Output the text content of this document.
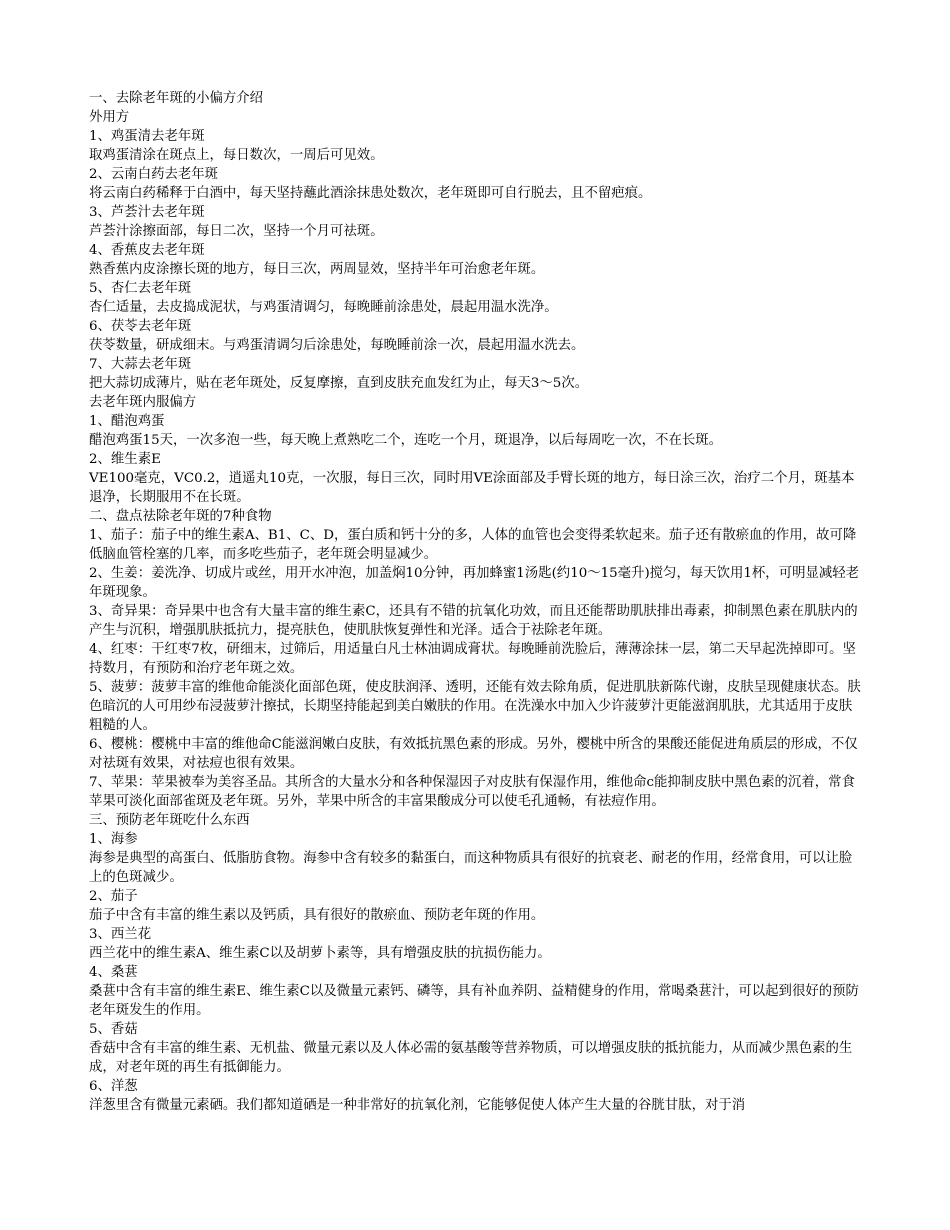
一、去除老年斑的小偏方介绍

外用方

1、鸡蛋清去老年斑

取鸡蛋清涂在斑点上，每日数次，一周后可见效。

2、云南白药去老年斑

将云南白药稀释于白酒中，每天坚持蘸此酒涂抹患处数次，老年斑即可自行脱去，且不留疤痕。

3、芦荟汁去老年斑

芦荟汁涂擦面部，每日二次，坚持一个月可祛斑。

4、香蕉皮去老年斑

熟香蕉内皮涂擦长斑的地方，每日三次，两周显效，坚持半年可治愈老年斑。

5、杏仁去老年斑

杏仁适量，去皮捣成泥状，与鸡蛋清调匀，每晚睡前涂患处，晨起用温水洗净。

6、茯苓去老年斑

茯苓数量，研成细末。与鸡蛋清调匀后涂患处，每晚睡前涂一次，晨起用温水洗去。

7、大蒜去老年斑

把大蒜切成薄片，贴在老年斑处，反复摩擦，直到皮肤充血发红为止，每天3～5次。

去老年斑内服偏方

1、醋泡鸡蛋

醋泡鸡蛋15天，一次多泡一些，每天晚上煮熟吃二个，连吃一个月，斑退净，以后每周吃一次，不在长斑。

2、维生素E

VE100毫克，VC0.2，逍遥丸10克，一次服，每日三次，同时用VE涂面部及手臂长斑的地方，每日涂三次，治疗二个月，斑基本退净，长期服用不在长斑。

二、盘点祛除老年斑的7种食物

1、茄子：茄子中的维生素A、B1、C、D，蛋白质和钙十分的多，人体的血管也会变得柔软起来。茄子还有散瘀血的作用，故可降低脑血管栓塞的几率，而多吃些茄子，老年斑会明显减少。

2、生姜：姜洗净、切成片或丝，用开水冲泡，加盖焖10分钟，再加蜂蜜1汤匙(约10～15毫升)搅匀，每天饮用1杯，可明显减轻老年斑现象。

3、奇异果：奇异果中也含有大量丰富的维生素C，还具有不错的抗氧化功效，而且还能帮助肌肤排出毒素，抑制黑色素在肌肤内的产生与沉积，增强肌肤抵抗力，提亮肤色，使肌肤恢复弹性和光泽。适合于祛除老年斑。

4、红枣：干红枣7枚，研细末，过筛后，用适量白凡士林油调成膏状。每晚睡前洗脸后，薄薄涂抹一层，第二天早起洗掉即可。坚持数月，有预防和治疗老年斑之效。

5、菠萝：菠萝丰富的维他命能淡化面部色斑，使皮肤润泽、透明，还能有效去除角质，促进肌肤新陈代谢，皮肤呈现健康状态。肤色暗沉的人可用纱布浸菠萝汁擦拭，长期坚持能起到美白嫩肤的作用。在洗澡水中加入少许菠萝汁更能滋润肌肤，尤其适用于皮肤粗糙的人。

6、樱桃：樱桃中丰富的维他命C能滋润嫩白皮肤，有效抵抗黑色素的形成。另外，樱桃中所含的果酸还能促进角质层的形成，不仅对祛斑有效果，对祛痘也很有效果。

7、苹果：苹果被奉为美容圣品。其所含的大量水分和各种保湿因子对皮肤有保湿作用，维他命c能抑制皮肤中黑色素的沉着，常食苹果可淡化面部雀斑及老年斑。另外，苹果中所含的丰富果酸成分可以使毛孔通畅，有祛痘作用。

三、预防老年斑吃什么东西

1、海参

海参是典型的高蛋白、低脂肪食物。海参中含有较多的黏蛋白，而这种物质具有很好的抗衰老、耐老的作用，经常食用，可以让脸上的色斑减少。

2、茄子

茄子中含有丰富的维生素以及钙质，具有很好的散瘀血、预防老年斑的作用。

3、西兰花

西兰花中的维生素A、维生素C以及胡萝卜素等，具有增强皮肤的抗损伤能力。

4、桑葚

桑葚中含有丰富的维生素E、维生素C以及微量元素钙、磷等，具有补血养阴、益精健身的作用，常喝桑葚汁，可以起到很好的预防老年斑发生的作用。

5、香菇

香菇中含有丰富的维生素、无机盐、微量元素以及人体必需的氨基酸等营养物质，可以增强皮肤的抵抗能力，从而减少黑色素的生成，对老年斑的再生有抵御能力。

6、洋葱

洋葱里含有微量元素硒。我们都知道硒是一种非常好的抗氧化剂，它能够促使人体产生大量的谷胱甘肽，对于消
